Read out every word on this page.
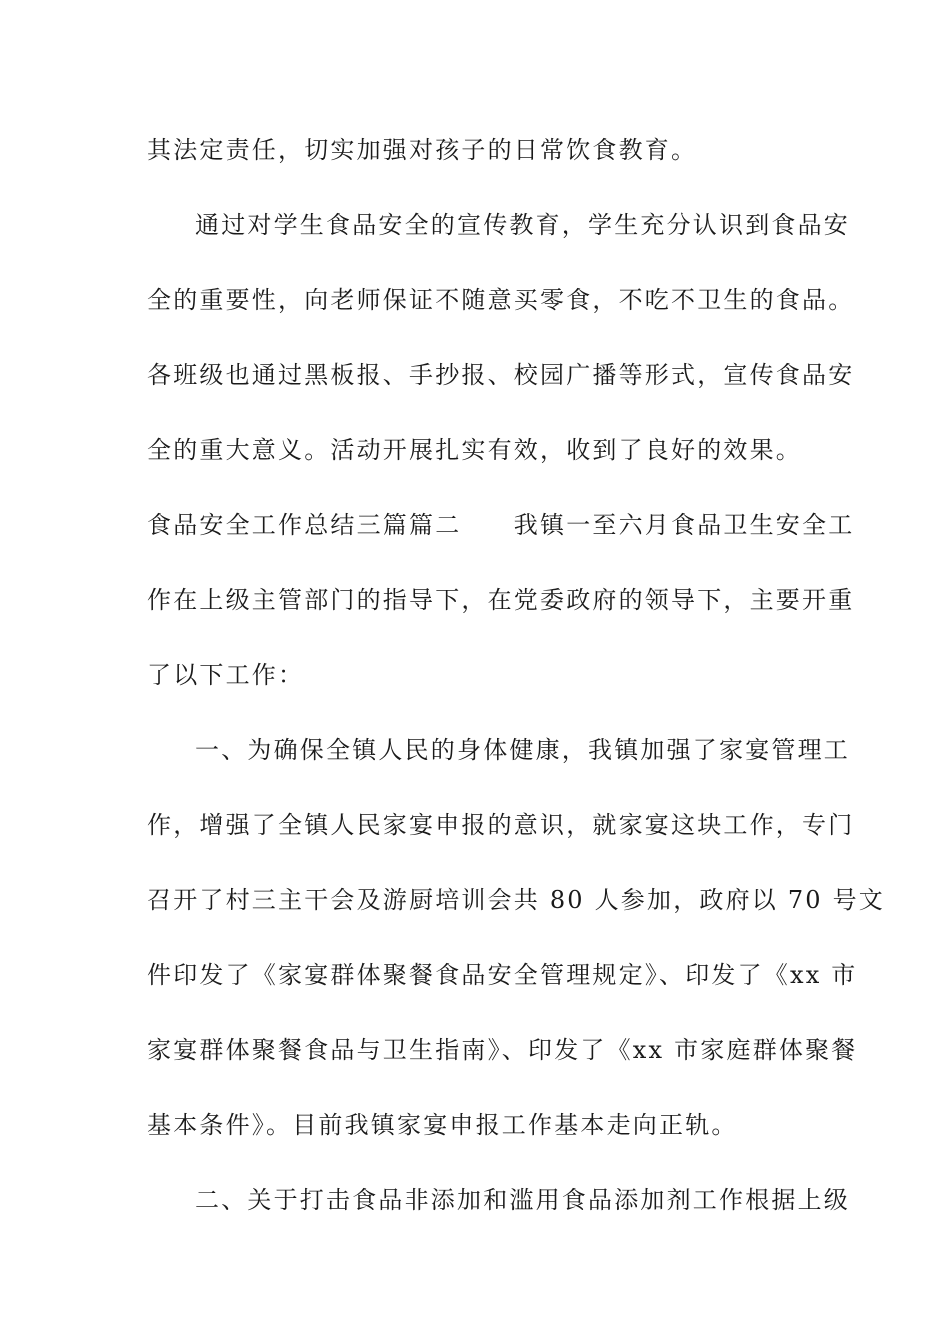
其法定责任，切实加强对孩子的日常饮食教育。
通过对学生食品安全的宣传教育，学生充分认识到食品安
全的重要性，向老师保证不随意买零食，不吃不卫生的食品。
各班级也通过黑板报、手抄报、校园广播等形式，宣传食品安
全的重大意义。活动开展扎实有效，收到了良好的效果。
食品安全工作总结三篇篇二　　我镇一至六月食品卫生安全工
作在上级主管部门的指导下，在党委政府的领导下，主要开重
了以下工作：
一、为确保全镇人民的身体健康，我镇加强了家宴管理工
作，增强了全镇人民家宴申报的意识，就家宴这块工作，专门
召开了村三主干会及游厨培训会共 80 人参加，政府以 70 号文
件印发了《家宴群体聚餐食品安全管理规定》、印发了《xx 市
家宴群体聚餐食品与卫生指南》、印发了《xx 市家庭群体聚餐
基本条件》。目前我镇家宴申报工作基本走向正轨。
二、关于打击食品非添加和滥用食品添加剂工作根据上级
